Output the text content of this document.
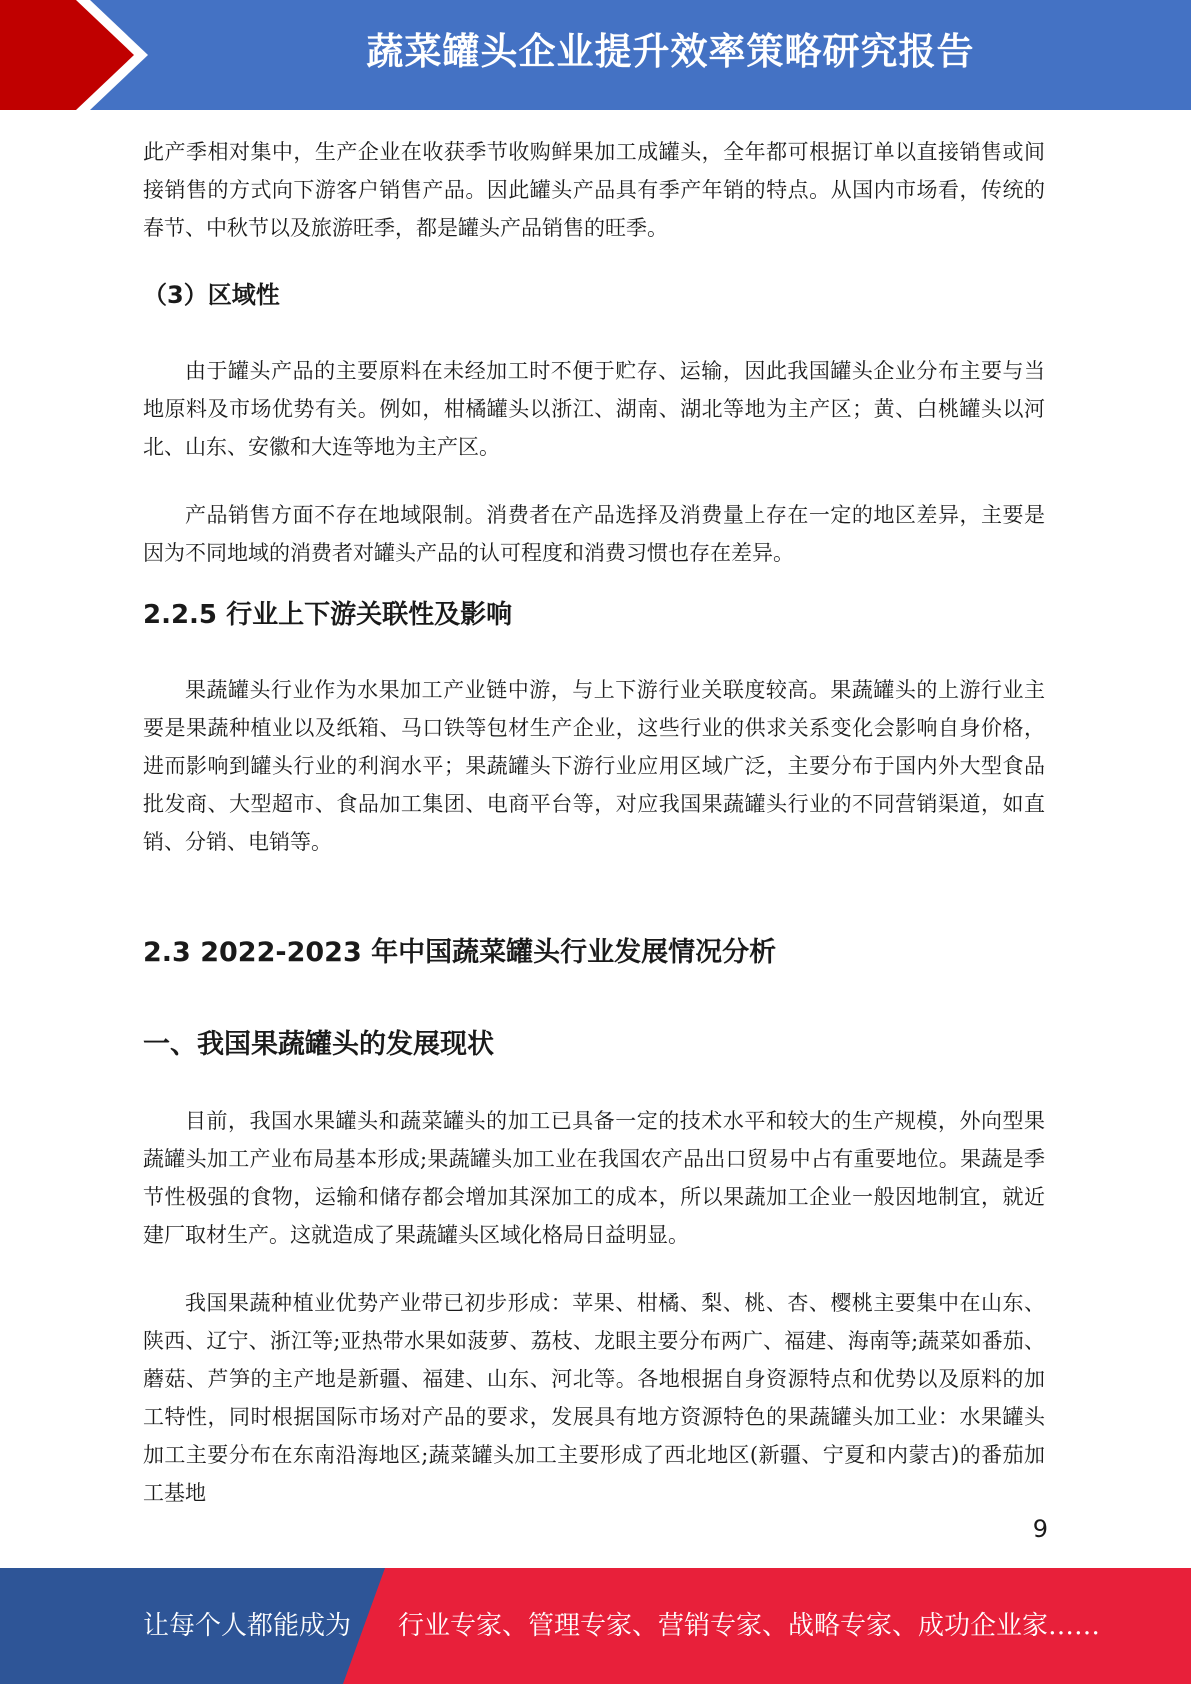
蔬菜罐头企业提升效率策略研究报告

此产季相对集中，生产企业在收获季节收购鲜果加工成罐头，全年都可根据订单以直接销售或间接销售的方式向下游客户销售产品。因此罐头产品具有季产年销的特点。从国内市场看，传统的春节、中秋节以及旅游旺季，都是罐头产品销售的旺季。

（3）区域性

由于罐头产品的主要原料在未经加工时不便于贮存、运输，因此我国罐头企业分布主要与当地原料及市场优势有关。例如，柑橘罐头以浙江、湖南、湖北等地为主产区；黄、白桃罐头以河北、山东、安徽和大连等地为主产区。

产品销售方面不存在地域限制。消费者在产品选择及消费量上存在一定的地区差异，主要是因为不同地域的消费者对罐头产品的认可程度和消费习惯也存在差异。

2.2.5 行业上下游关联性及影响

果蔬罐头行业作为水果加工产业链中游，与上下游行业关联度较高。果蔬罐头的上游行业主要是果蔬种植业以及纸箱、马口铁等包材生产企业，这些行业的供求关系变化会影响自身价格，进而影响到罐头行业的利润水平；果蔬罐头下游行业应用区域广泛，主要分布于国内外大型食品批发商、大型超市、食品加工集团、电商平台等，对应我国果蔬罐头行业的不同营销渠道，如直销、分销、电销等。

2.3 2022-2023 年中国蔬菜罐头行业发展情况分析
一、我国果蔬罐头的发展现状

目前，我国水果罐头和蔬菜罐头的加工已具备一定的技术水平和较大的生产规模，外向型果蔬罐头加工产业布局基本形成;果蔬罐头加工业在我国农产品出口贸易中占有重要地位。果蔬是季节性极强的食物，运输和储存都会增加其深加工的成本，所以果蔬加工企业一般因地制宜，就近建厂取材生产。这就造成了果蔬罐头区域化格局日益明显。

我国果蔬种植业优势产业带已初步形成：苹果、柑橘、梨、桃、杏、樱桃主要集中在山东、陕西、辽宁、浙江等;亚热带水果如菠萝、荔枝、龙眼主要分布两广、福建、海南等;蔬菜如番茄、蘑菇、芦笋的主产地是新疆、福建、山东、河北等。各地根据自身资源特点和优势以及原料的加工特性，同时根据国际市场对产品的要求，发展具有地方资源特色的果蔬罐头加工业：水果罐头加工主要分布在东南沿海地区;蔬菜罐头加工主要形成了西北地区(新疆、宁夏和内蒙古)的番茄加工基地

9
让每个人都能成为 行业专家、管理专家、营销专家、战略专家、成功企业家……
